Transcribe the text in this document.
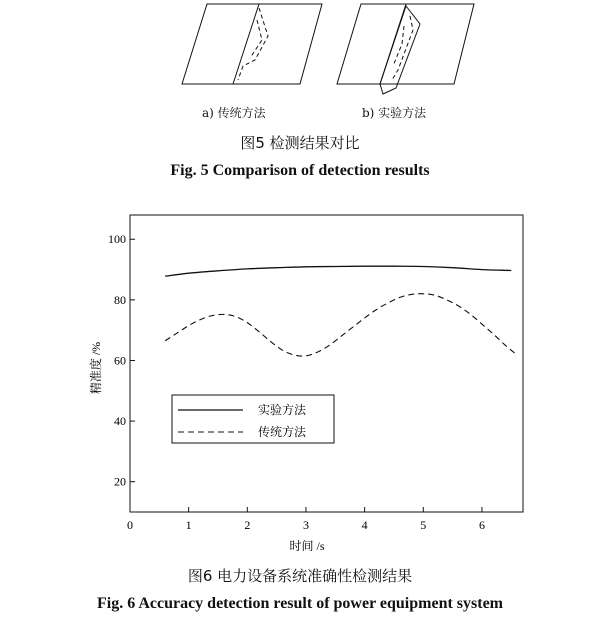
a) 传统方法	b) 实验方法
图5 检测结果对比
Fig. 5 Comparison of detection results
0	1	2	3	4	5	6
20
40
60
80
100
时间 /s
精准度 /%
实验方法
传统方法
图6 电力设备系统准确性检测结果
Fig. 6 Accuracy detection result of power equipment system
